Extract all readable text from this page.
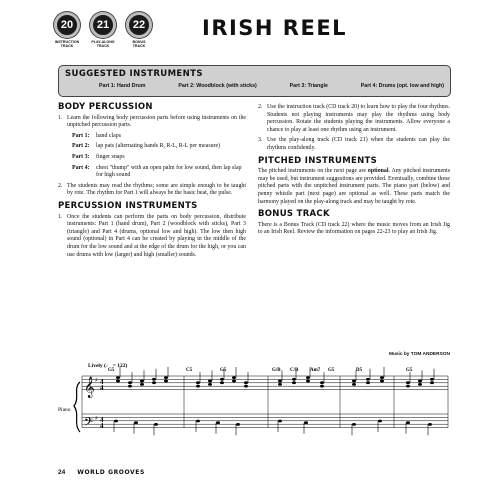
20
INSTRUCTION
TRACK
21
PLAY-ALONG
TRACK
22
BONUS
TRACK
IRISH REEL
SUGGESTED INSTRUMENTS
Part 1: Hand Drum	Part 2: Woodblock (with sticks)	Part 3: Triangle	Part 4: Drums (opt. low and high)
BODY PERCUSSION
1. Learn the following body percussion parts before using instruments on the unpitched percussion parts.
Part 1:	hand claps
Part 2:	lap pats (alternating hands R, R-L, R-L per measure)
Part 3:	finger snaps
Part 4:	chest "thump" with an open palm for low sound, then lap slap for high sound
2. The students may read the rhythms; some are simple enough to be taught by rote. The rhythm for Part 1 will always be the basic beat, the pulse.
PERCUSSION INSTRUMENTS
1. Once the students can perform the parts on body percussion, distribute instruments: Part 1 (hand drum), Part 2 (woodblock with sticks), Part 3 (triangle) and Part 4 (drums, optional low and high). The low then high sound (optional) in Part 4 can be created by playing in the middle of the drum for the low sound and at the edge of the drum for the high, or you can use drums with low (larger) and high (smaller) sounds.
2. Use the instruction track (CD track 20) to learn how to play the four rhythms. Students not playing instruments may play the rhythms using body percussion. Rotate the students playing the instruments. Allow everyone a chance to play at least one rhythm using an instrument.
3. Use the play-along track (CD track 21) when the students can play the rhythms confidently.
PITCHED INSTRUMENTS
The pitched instruments on the next page are optional. Any pitched instruments may be used, but instrument suggestions are provided. Eventually, combine these pitched parts with the unpitched instrument parts. The piano part (below) and penny whistle part (next page) are optional as well. These parts match the harmony played on the play-along track and may be taught by rote.
BONUS TRACK
There is a Bonus Track (CD track 22) where the music moves from an Irish Jig to an Irish Reel. Review the information on pages 22-23 to play an Irish Jig.
Music by TOM ANDERSON
Lively (♩ = 122)
Piano
G5	C5	G5	G/B C/B Am7 G5	D5	G5
𝄞
𝄢
♯
♯
4
4
4
4
24 WORLD GROOVES
